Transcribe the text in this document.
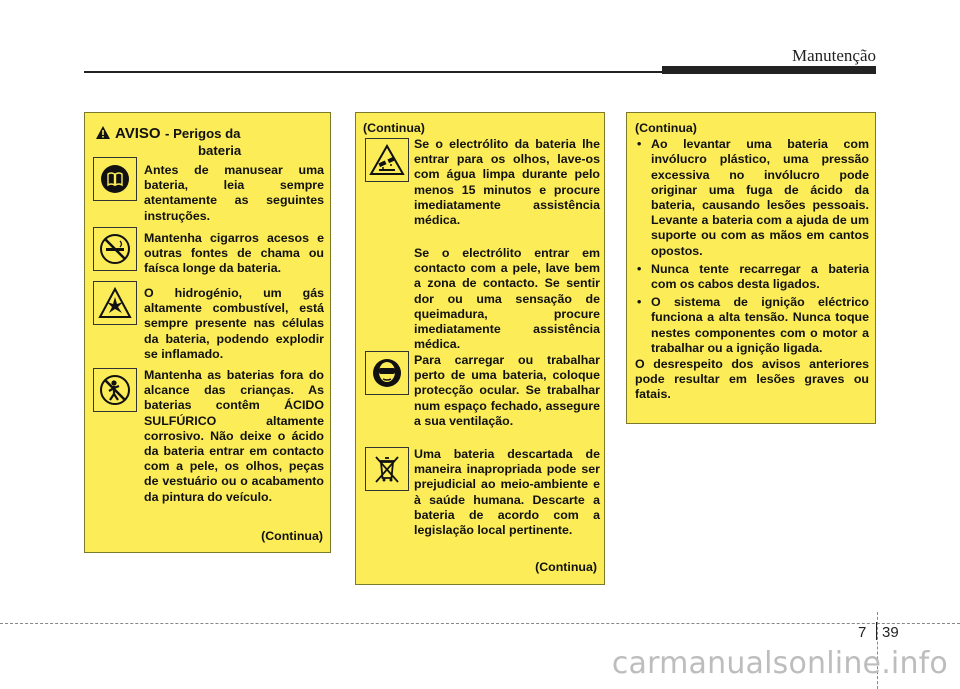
Manutenção
AVISO - Perigos da
bateria
Antes de manusear uma bateria, leia sempre atentamente as seguintes instruções.
Mantenha cigarros acesos e outras fontes de chama ou faísca longe da bateria.
O hidrogénio, um gás altamente combustível, está sempre presente nas células da bateria, podendo explodir se inflamado.
Mantenha as baterias fora do alcance das crianças. As baterias contêm ÁCIDO SULFÚRICO altamente corrosivo. Não deixe o ácido da bateria entrar em contacto com a pele, os olhos, peças de vestuário ou o acabamento da pintura do veículo.
(Continua)
(Continua)
Se o electrólito da bateria lhe entrar para os olhos, lave-os com água limpa durante pelo menos 15 minutos e procure imediatamente assistência médica.
Se o electrólito entrar em contacto com a pele, lave bem a zona de contacto. Se sentir dor ou uma sensação de queimadura, procure imediatamente assistência médica.
Para carregar ou trabalhar perto de uma bateria, coloque protecção ocular. Se trabalhar num espaço fechado, assegure a sua ventilação.
Uma bateria descartada de maneira inapropriada pode ser prejudicial ao meio-ambiente e à saúde humana. Descarte a bateria de acordo com a legislação local pertinente.
(Continua)
(Continua)
• Ao levantar uma bateria com invólucro plástico, uma pressão excessiva no invólucro pode originar uma fuga de ácido da bateria, causando lesões pessoais. Levante a bateria com a ajuda de um suporte ou com as mãos em cantos opostos.
• Nunca tente recarregar a bateria com os cabos desta ligados.
• O sistema de ignição eléctrico funciona a alta tensão. Nunca toque nestes componentes com o motor a trabalhar ou a ignição ligada.
O desrespeito dos avisos anteriores pode resultar em lesões graves ou fatais.
7 39
carmanualsonline.info
